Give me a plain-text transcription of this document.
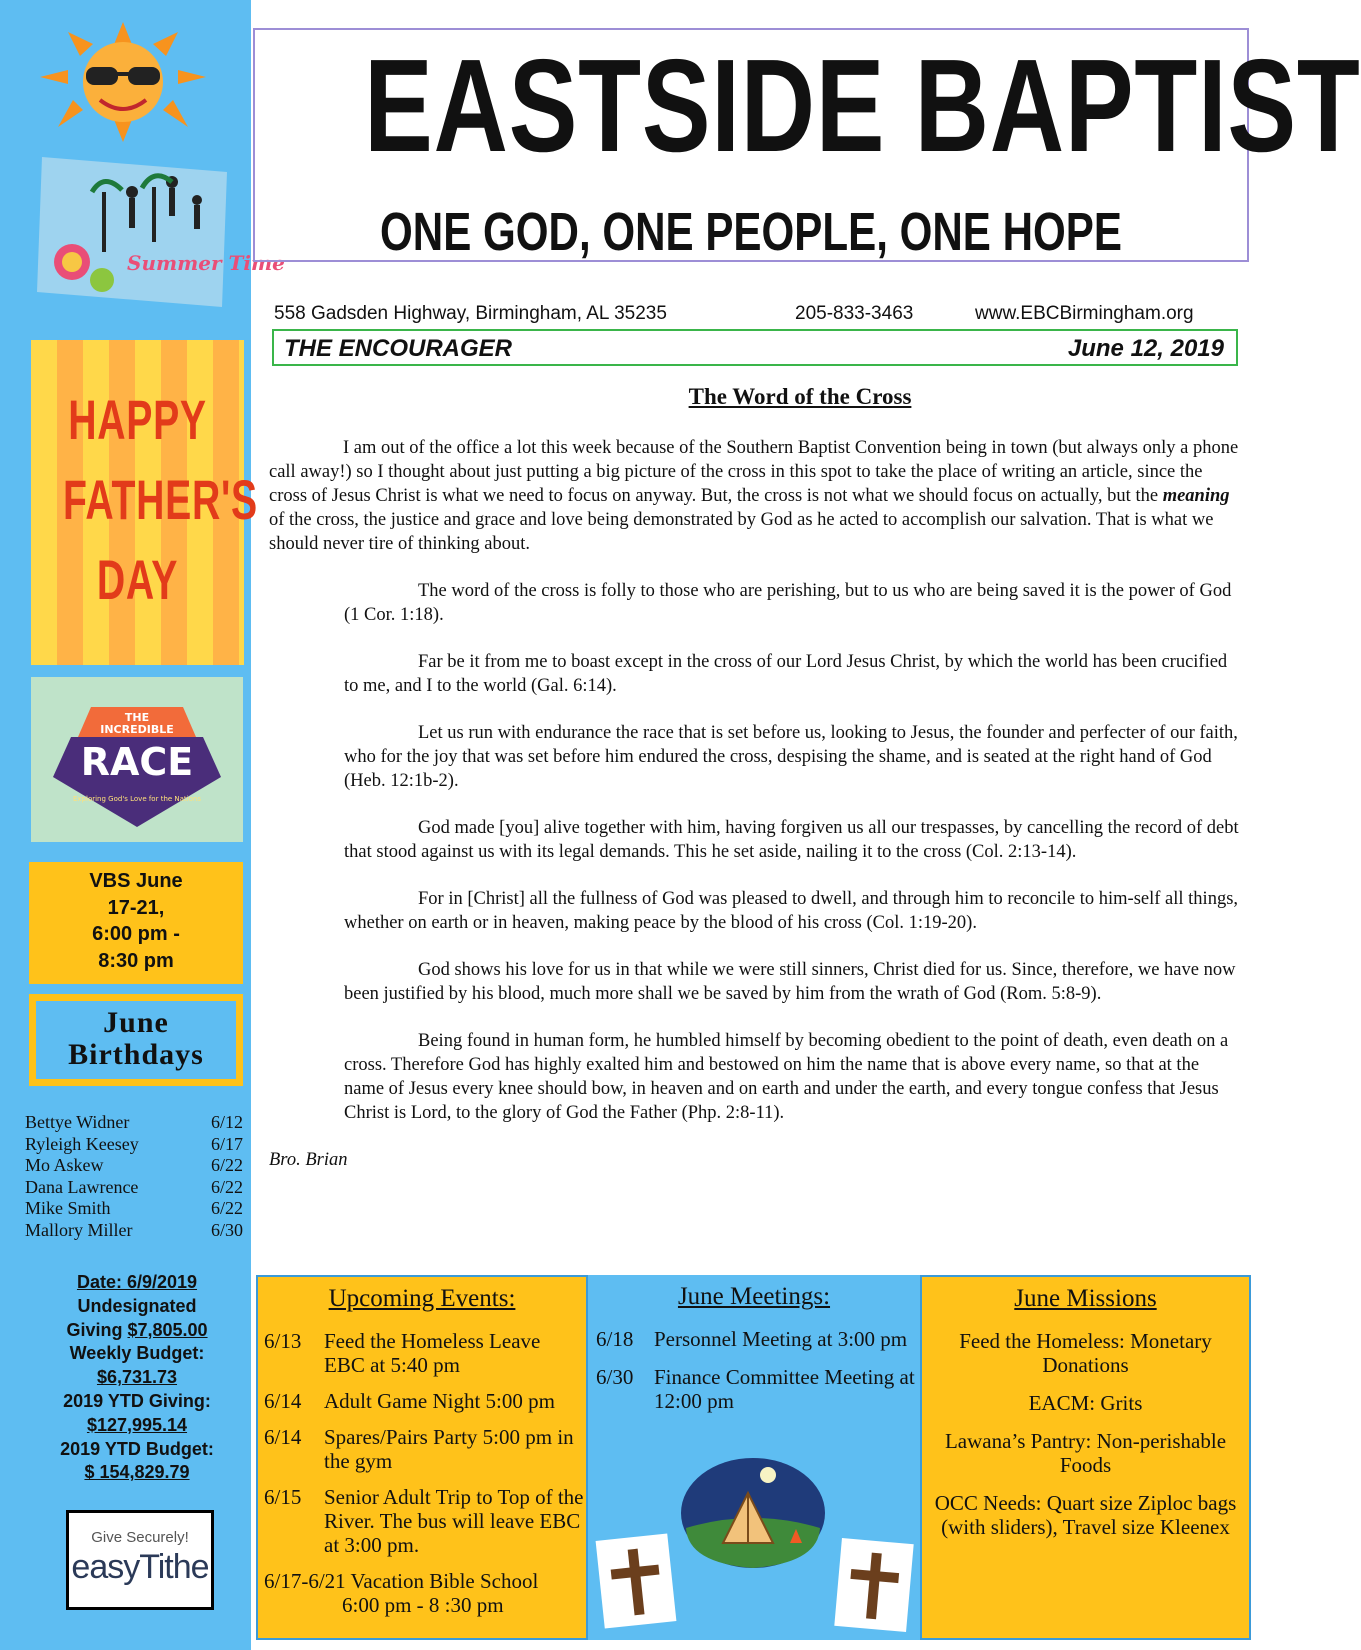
Summer Time
HAPPY
FATHER'S
DAY
THE
INCREDIBLE
RACE
Exploring God's Love for the Nations
VBS June
17-21,
6:00 pm -
8:30 pm
June
Birthdays
Bettye Widner	6/12
Ryleigh Keesey	6/17
Mo Askew	6/22
Dana Lawrence	6/22
Mike Smith	6/22
Mallory Miller	6/30
Date: 6/9/2019
Undesignated
Giving $7,805.00
Weekly Budget:
$6,731.73
2019 YTD Giving:
$127,995.14
2019 YTD Budget:
$ 154,829.79
Give Securely!
easyTithe
EASTSIDE BAPTIST
ONE GOD, ONE PEOPLE, ONE HOPE
558 Gadsden Highway, Birmingham, AL 35235	205-833-3463	www.EBCBirmingham.org
THE ENCOURAGER	June 12, 2019
The Word of the Cross

I am out of the office a lot this week because of the Southern Baptist Convention being in town (but always only a phone call away!) so I thought about just putting a big picture of the cross in this spot to take the place of writing an article, since the cross of Jesus Christ is what we need to focus on anyway. But, the cross is not what we should focus on actually, but the meaning of the cross, the justice and grace and love being demonstrated by God as he acted to accomplish our salvation. That is what we should never tire of thinking about.

The word of the cross is folly to those who are perishing, but to us who are being saved it is the power of God (1 Cor. 1:18).

Far be it from me to boast except in the cross of our Lord Jesus Christ, by which the world has been crucified to me, and I to the world (Gal. 6:14).

Let us run with endurance the race that is set before us, looking to Jesus, the founder and perfecter of our faith, who for the joy that was set before him endured the cross, despising the shame, and is seated at the right hand of God (Heb. 12:1b-2).

God made [you] alive together with him, having forgiven us all our trespasses, by cancelling the record of debt that stood against us with its legal demands. This he set aside, nailing it to the cross (Col. 2:13-14).

For in [Christ] all the fullness of God was pleased to dwell, and through him to reconcile to him-self all things, whether on earth or in heaven, making peace by the blood of his cross (Col. 1:19-20).

God shows his love for us in that while we were still sinners, Christ died for us. Since, therefore, we have now been justified by his blood, much more shall we be saved by him from the wrath of God (Rom. 5:8-9).

Being found in human form, he humbled himself by becoming obedient to the point of death, even death on a cross. Therefore God has highly exalted him and bestowed on him the name that is above every name, so that at the name of Jesus every knee should bow, in heaven and on earth and under the earth, and every tongue confess that Jesus Christ is Lord, to the glory of God the Father (Php. 2:8-11).

Bro. Brian

Upcoming Events:
6/13	Feed the Homeless Leave EBC at 5:40 pm
6/14	Adult Game Night 5:00 pm
6/14	Spares/Pairs Party 5:00 pm in the gym
6/15	Senior Adult Trip to Top of the River. The bus will leave EBC at 3:00 pm.
6/17-6/21 Vacation Bible School
6:00 pm - 8 :30 pm
June Meetings:
6/18 Personnel Meeting at 3:00 pm
6/30 Finance Committee Meeting at 12:00 pm
June Missions
Feed the Homeless: Monetary Donations
EACM: Grits
Lawana’s Pantry: Non-perishable Foods
OCC Needs: Quart size Ziploc bags (with sliders), Travel size Kleenex
